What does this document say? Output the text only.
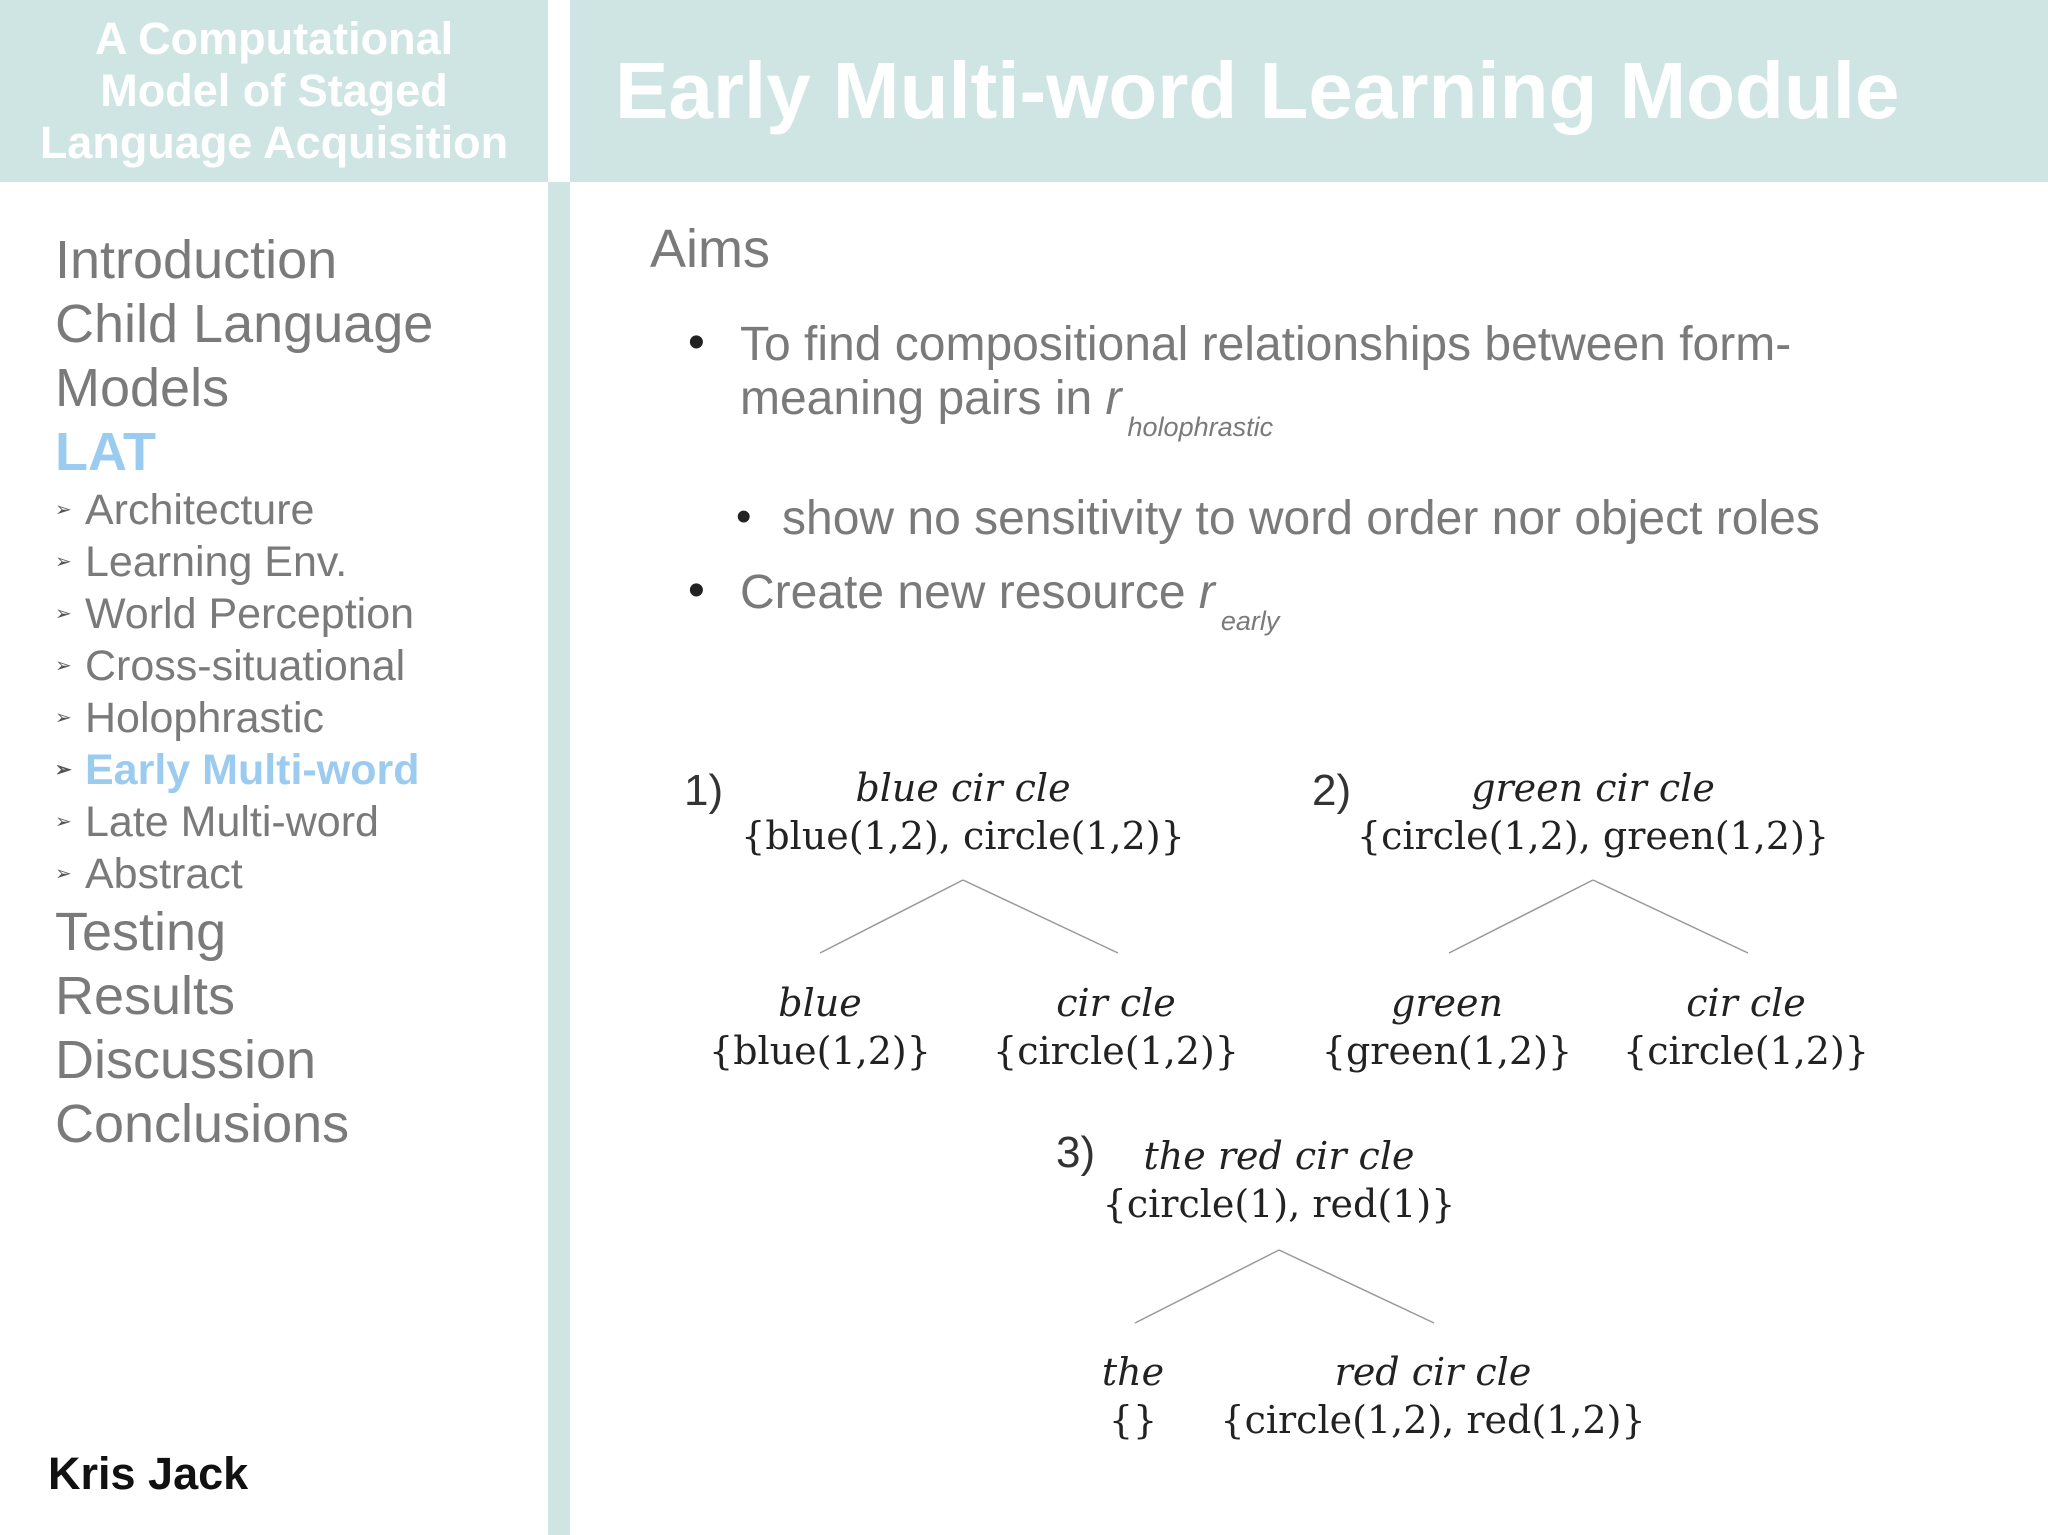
A Computational
Model of Staged
Language Acquisition
Early Multi-word Learning Module
Introduction
Child Language
Models
LAT
➢ Architecture
➢ Learning Env.
➢ World Perception
➢ Cross-situational
➢ Holophrastic
➢ Early Multi-word
➢ Late Multi-word
➢ Abstract
Testing
Results
Discussion
Conclusions
Kris Jack
Aims
• To find compositional relationships between form-
meaning pairs in $r_{holophrastic}$
• show no sensitivity to word order nor object roles
• Create new resource $r_{early}$
1)	blue cir cle
{blue(1,2), circle(1,2)}
blue
{blue(1,2)}
cir cle
{circle(1,2)}
2)	green cir cle
{circle(1,2), green(1,2)}
green
{green(1,2)}
cir cle
{circle(1,2)}
3)	the red cir cle
{circle(1), red(1)}
the
{}
red cir cle
{circle(1,2), red(1,2)}
